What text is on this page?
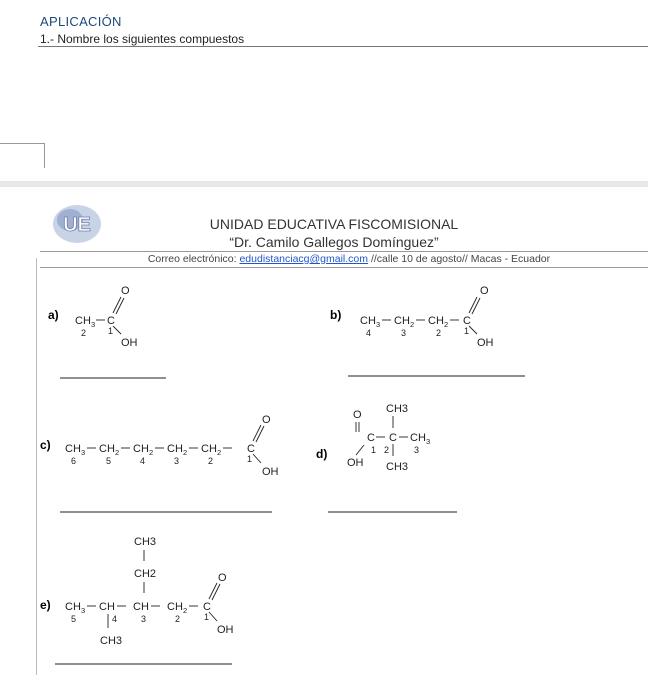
APLICACIÓN
1.- Nombre los siguientes compuestos
UE	UNIDAD EDUCATIVA FISCOMISIONAL
“Dr. Camilo Gallegos Domínguez”
Correo electrónico: edudistanciacg@gmail.com //calle 10 de agosto// Macas - Ecuador
a) CH 3 C
O
OH
2 1
b) CH 3 CH 2 CH 2 C
O
OH
4	3	2	1
c) CH 3 CH 2 CH 2 CH 2 CH 2 C
O
OH
6	5	4	3	2	1	d)
O
C C CH 3
CH3
CH3
OH
1 2	3
e)
CH3
CH2
CH 3 CH CH CH 2 C
O
OH
CH3
5	4	3	2	1
